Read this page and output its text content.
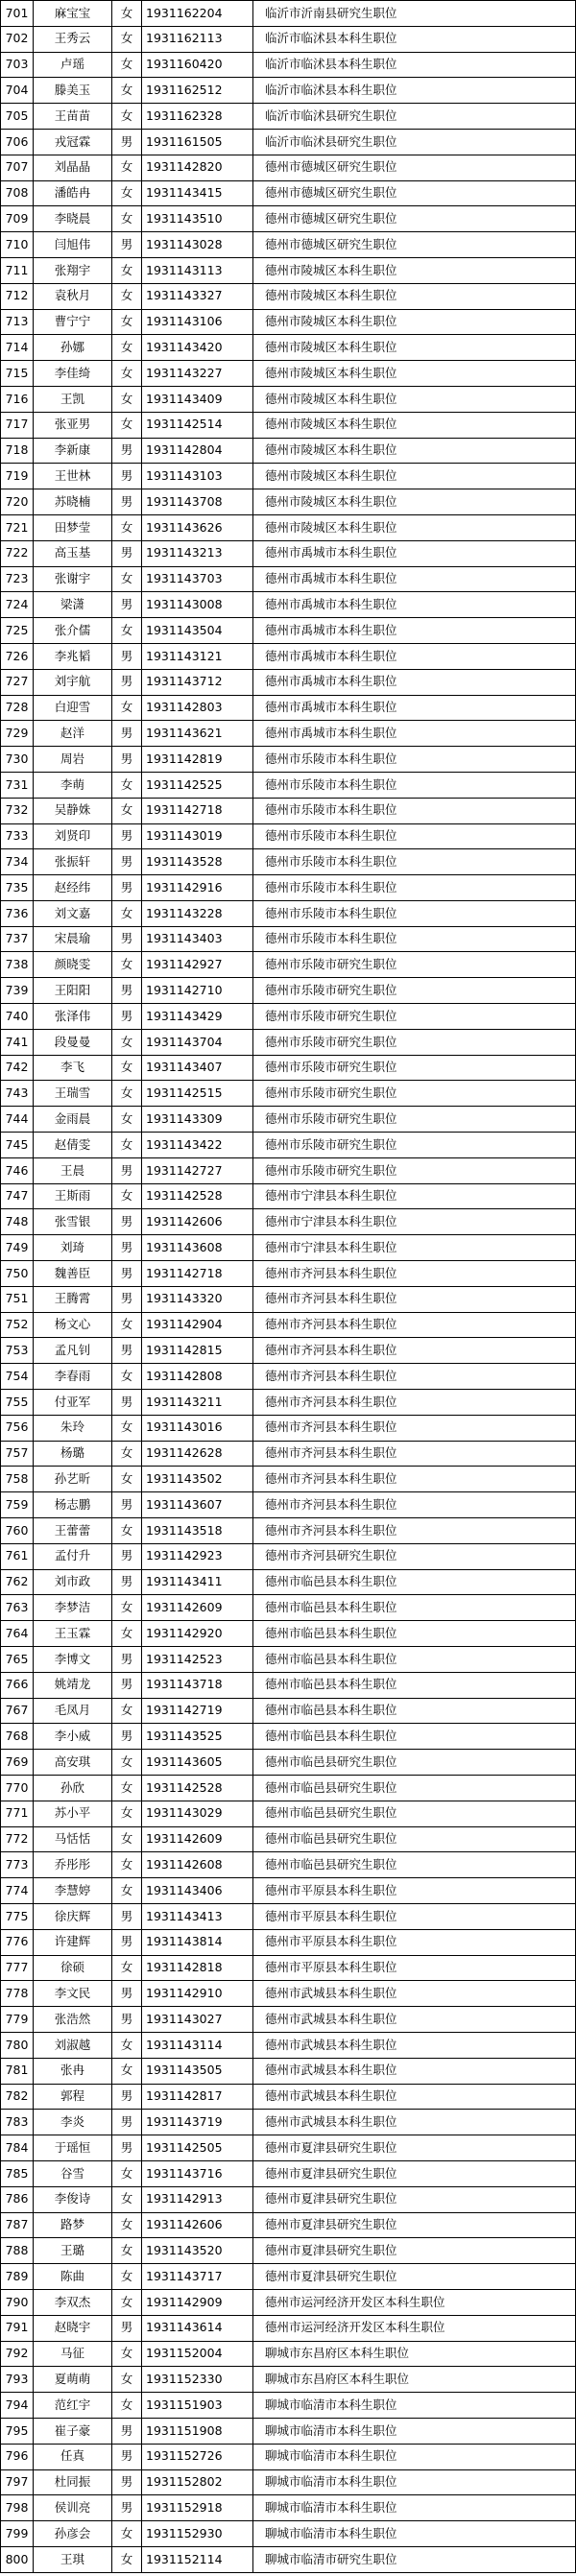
701	麻宝宝	女	1931162204	临沂市沂南县研究生职位
702	王秀云	女	1931162113	临沂市临沭县本科生职位
703	卢瑶	女	1931160420	临沂市临沭县本科生职位
704	滕美玉	女	1931162512	临沂市临沭县本科生职位
705	王苗苗	女	1931162328	临沂市临沭县研究生职位
706	戎冠霖	男	1931161505	临沂市临沭县研究生职位
707	刘晶晶	女	1931142820	德州市德城区研究生职位
708	潘皓冉	女	1931143415	德州市德城区研究生职位
709	李晓晨	女	1931143510	德州市德城区研究生职位
710	闫旭伟	男	1931143028	德州市德城区研究生职位
711	张翔宇	女	1931143113	德州市陵城区本科生职位
712	袁秋月	女	1931143327	德州市陵城区本科生职位
713	曹宁宁	女	1931143106	德州市陵城区本科生职位
714	孙娜	女	1931143420	德州市陵城区本科生职位
715	李佳绮	女	1931143227	德州市陵城区本科生职位
716	王凯	女	1931143409	德州市陵城区本科生职位
717	张亚男	女	1931142514	德州市陵城区本科生职位
718	李新康	男	1931142804	德州市陵城区本科生职位
719	王世林	男	1931143103	德州市陵城区本科生职位
720	苏晓楠	男	1931143708	德州市陵城区本科生职位
721	田梦莹	女	1931143626	德州市陵城区本科生职位
722	高玉基	男	1931143213	德州市禹城市本科生职位
723	张谢宇	女	1931143703	德州市禹城市本科生职位
724	梁潇	男	1931143008	德州市禹城市本科生职位
725	张介儒	女	1931143504	德州市禹城市本科生职位
726	李兆韬	男	1931143121	德州市禹城市本科生职位
727	刘宇航	男	1931143712	德州市禹城市本科生职位
728	白迎雪	女	1931142803	德州市禹城市本科生职位
729	赵洋	男	1931143621	德州市禹城市本科生职位
730	周岩	男	1931142819	德州市乐陵市本科生职位
731	李萌	女	1931142525	德州市乐陵市本科生职位
732	吴静姝	女	1931142718	德州市乐陵市本科生职位
733	刘贤印	男	1931143019	德州市乐陵市本科生职位
734	张振轩	男	1931143528	德州市乐陵市本科生职位
735	赵经纬	男	1931142916	德州市乐陵市本科生职位
736	刘文嘉	女	1931143228	德州市乐陵市本科生职位
737	宋晨瑜	男	1931143403	德州市乐陵市本科生职位
738	颜晓雯	女	1931142927	德州市乐陵市研究生职位
739	王阳阳	男	1931142710	德州市乐陵市研究生职位
740	张泽伟	男	1931143429	德州市乐陵市研究生职位
741	段曼曼	女	1931143704	德州市乐陵市研究生职位
742	李飞	女	1931143407	德州市乐陵市研究生职位
743	王瑞雪	女	1931142515	德州市乐陵市研究生职位
744	金雨晨	女	1931143309	德州市乐陵市研究生职位
745	赵倩雯	女	1931143422	德州市乐陵市研究生职位
746	王晨	男	1931142727	德州市乐陵市研究生职位
747	王斯雨	女	1931142528	德州市宁津县本科生职位
748	张雪银	男	1931142606	德州市宁津县本科生职位
749	刘琦	男	1931143608	德州市宁津县本科生职位
750	魏善臣	男	1931142718	德州市齐河县本科生职位
751	王腾霄	男	1931143320	德州市齐河县本科生职位
752	杨文心	女	1931142904	德州市齐河县本科生职位
753	孟凡钊	男	1931142815	德州市齐河县本科生职位
754	李春雨	女	1931142808	德州市齐河县本科生职位
755	付亚军	男	1931143211	德州市齐河县本科生职位
756	朱玲	女	1931143016	德州市齐河县本科生职位
757	杨璐	女	1931142628	德州市齐河县本科生职位
758	孙艺昕	女	1931143502	德州市齐河县本科生职位
759	杨志鹏	男	1931143607	德州市齐河县本科生职位
760	王蕾蕾	女	1931143518	德州市齐河县本科生职位
761	孟付升	男	1931142923	德州市齐河县研究生职位
762	刘市政	男	1931143411	德州市临邑县本科生职位
763	李梦洁	女	1931142609	德州市临邑县本科生职位
764	王玉霖	女	1931142920	德州市临邑县本科生职位
765	李博文	男	1931142523	德州市临邑县本科生职位
766	姚靖龙	男	1931143718	德州市临邑县本科生职位
767	毛凤月	女	1931142719	德州市临邑县本科生职位
768	李小威	男	1931143525	德州市临邑县本科生职位
769	高安琪	女	1931143605	德州市临邑县研究生职位
770	孙欣	女	1931142528	德州市临邑县研究生职位
771	苏小平	女	1931143029	德州市临邑县研究生职位
772	马恬恬	女	1931142609	德州市临邑县研究生职位
773	乔彤彤	女	1931142608	德州市临邑县研究生职位
774	李慧婷	女	1931143406	德州市平原县本科生职位
775	徐庆辉	男	1931143413	德州市平原县本科生职位
776	许建辉	男	1931143814	德州市平原县本科生职位
777	徐硕	女	1931142818	德州市平原县本科生职位
778	李文民	男	1931142910	德州市武城县本科生职位
779	张浩然	男	1931143027	德州市武城县本科生职位
780	刘淑越	女	1931143114	德州市武城县本科生职位
781	张冉	女	1931143505	德州市武城县本科生职位
782	郭程	男	1931142817	德州市武城县本科生职位
783	李炎	男	1931143719	德州市武城县本科生职位
784	于瑶恒	男	1931142505	德州市夏津县研究生职位
785	谷雪	女	1931143716	德州市夏津县研究生职位
786	李俊诗	女	1931142913	德州市夏津县研究生职位
787	路梦	女	1931142606	德州市夏津县研究生职位
788	王璐	女	1931143520	德州市夏津县研究生职位
789	陈曲	女	1931143717	德州市夏津县研究生职位
790	李双杰	女	1931142909	德州市运河经济开发区本科生职位
791	赵晓宇	男	1931143614	德州市运河经济开发区本科生职位
792	马征	女	1931152004	聊城市东昌府区本科生职位
793	夏萌萌	女	1931152330	聊城市东昌府区本科生职位
794	范红宇	女	1931151903	聊城市临清市本科生职位
795	崔子豪	男	1931151908	聊城市临清市本科生职位
796	任真	男	1931152726	聊城市临清市本科生职位
797	杜同振	男	1931152802	聊城市临清市本科生职位
798	侯训亮	男	1931152918	聊城市临清市本科生职位
799	孙彦会	女	1931152930	聊城市临清市本科生职位
800	王琪	女	1931152114	聊城市临清市研究生职位
